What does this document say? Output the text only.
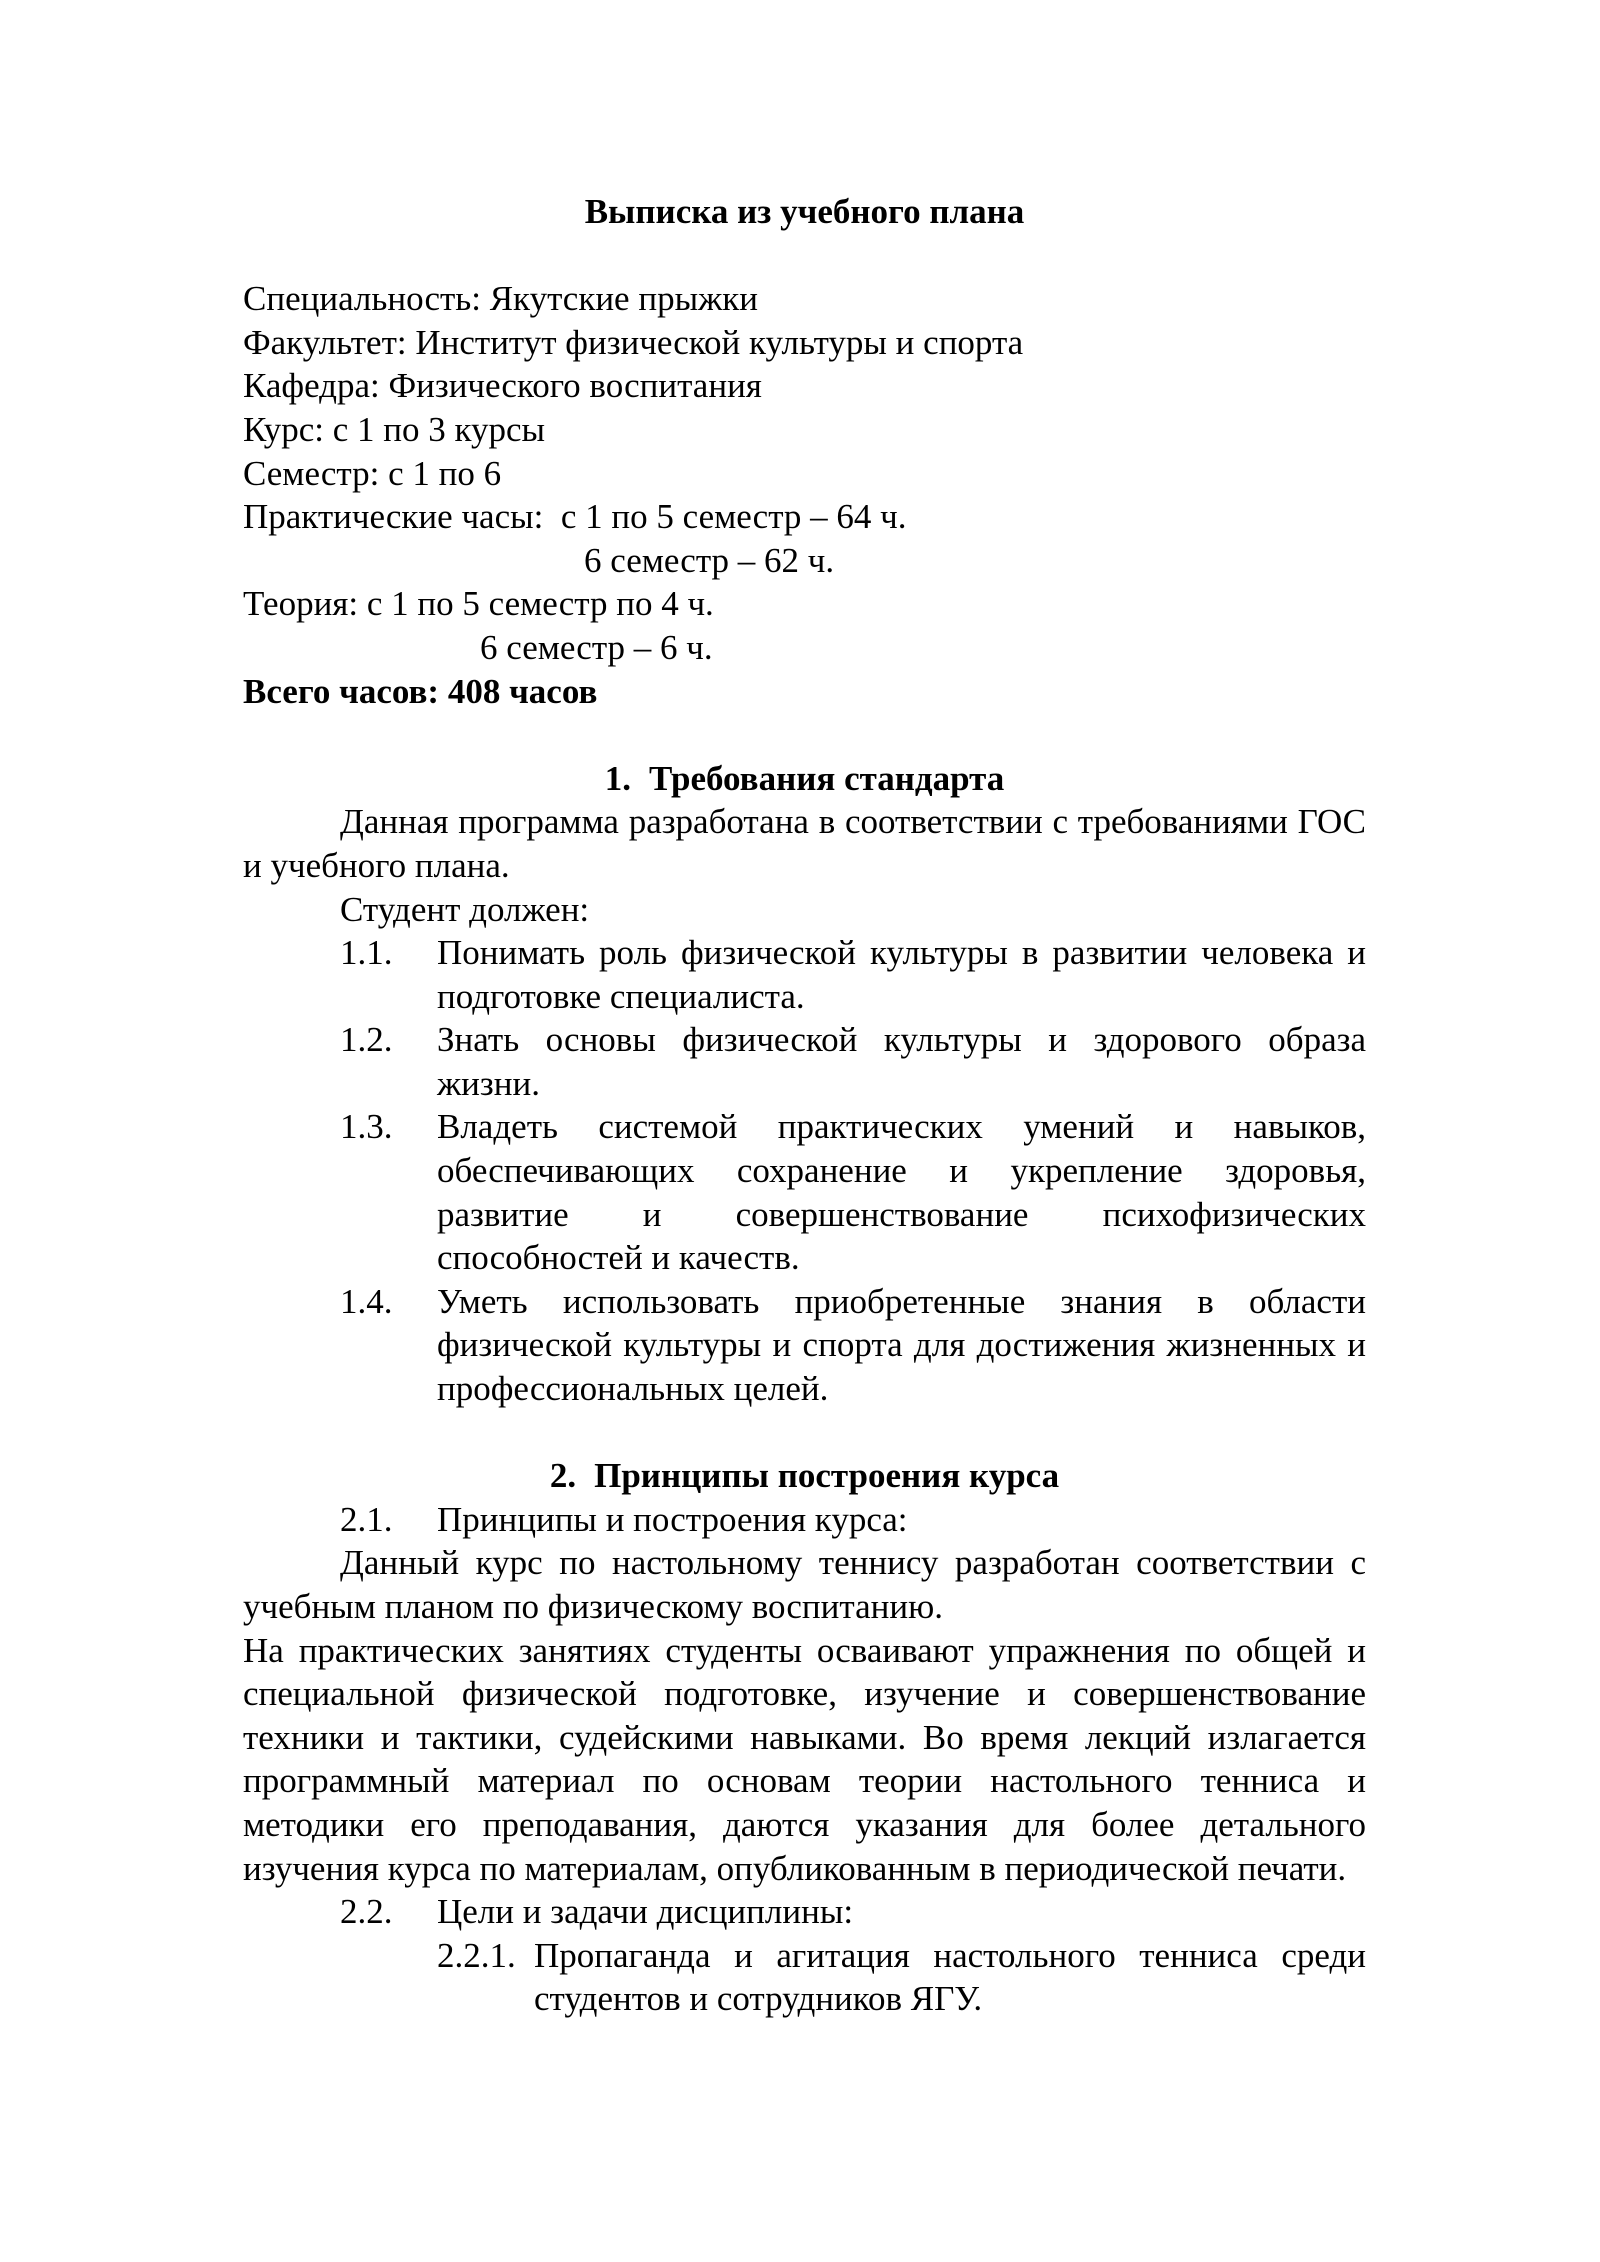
Выписка из учебного плана
Специальность: Якутские прыжки
Факультет: Институт физической культуры и спорта
Кафедра: Физического воспитания
Курс: с 1 по 3 курсы
Семестр: с 1 по 6
Практические часы:  с 1 по 5 семестр – 64 ч.
6 семестр – 62 ч.
Теория: с 1 по 5 семестр по 4 ч.
6 семестр – 6 ч.
Всего часов: 408 часов
1. Требования стандарта

Данная программа разработана в соответствии с требованиями ГОС и учебного плана.

Студент должен:

1.1.	Понимать роль физической культуры в развитии человека и подготовке специалиста.
1.2.	Знать основы физической культуры и здорового образа жизни.
1.3.	Владеть системой практических умений и навыков, обеспечивающих сохранение и укрепление здоровья, развитие и совершенствование психофизических способностей и качеств.
1.4.	Уметь использовать приобретенные знания в области физической культуры и спорта для достижения жизненных и профессиональных целей.
2. Принципы построения курса
2.1.	Принципы и построения курса:

Данный курс по настольному теннису разработан соответствии с учебным планом по физическому воспитанию.

На практических занятиях студенты осваивают упражнения по общей и специальной физической подготовке, изучение и совершенствование техники и тактики, судейскими навыками. Во время лекций излагается программный материал по основам теории настольного тенниса и методики его преподавания, даются указания для более детального изучения курса по материалам, опубликованным в периодической печати.

2.2.	Цели и задачи дисциплины:
2.2.1. Пропаганда и агитация настольного тенниса среди студентов и сотрудников ЯГУ.
